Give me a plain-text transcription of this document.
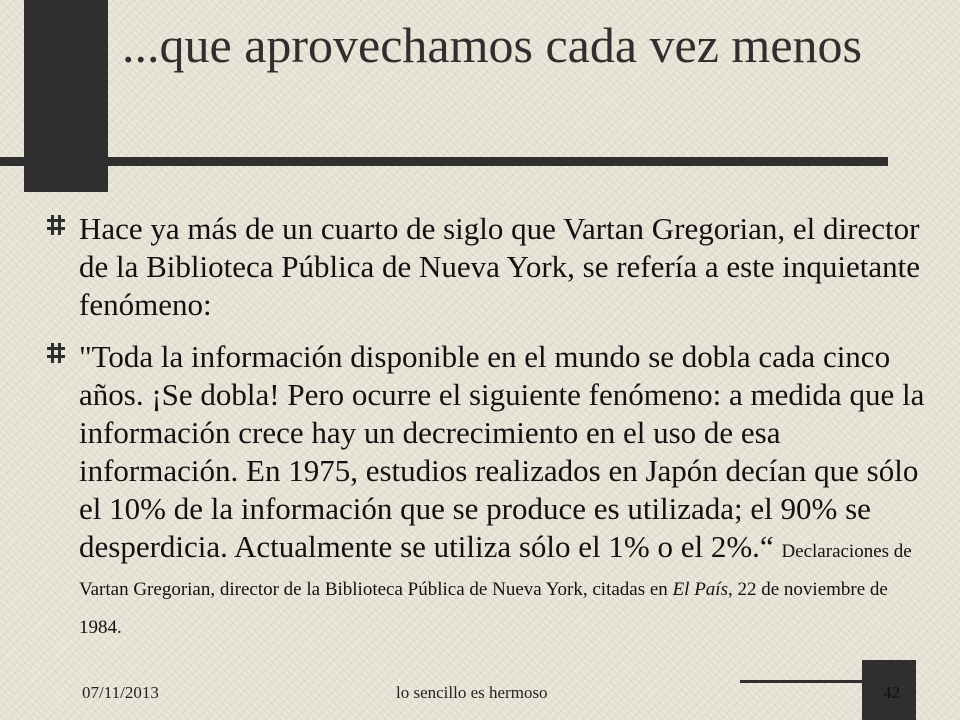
...que aprovechamos cada vez menos
Hace ya más de un cuarto de siglo que Vartan Gregorian, el director de la Biblioteca Pública de Nueva York, se refería a este inquietante fenómeno:
"Toda la información disponible en el mundo se dobla cada cinco años. ¡Se dobla! Pero ocurre el siguiente fenómeno: a medida que la información crece hay un decrecimiento en el uso de esa información. En 1975, estudios realizados en Japón decían que sólo el 10% de la información que se produce es utilizada; el 90% se desperdicia. Actualmente se utiliza sólo el 1% o el 2%.“ Declaraciones de Vartan Gregorian, director de la Biblioteca Pública de Nueva York, citadas en El País, 22 de noviembre de 1984.
07/11/2013	lo sencillo es hermoso	42
